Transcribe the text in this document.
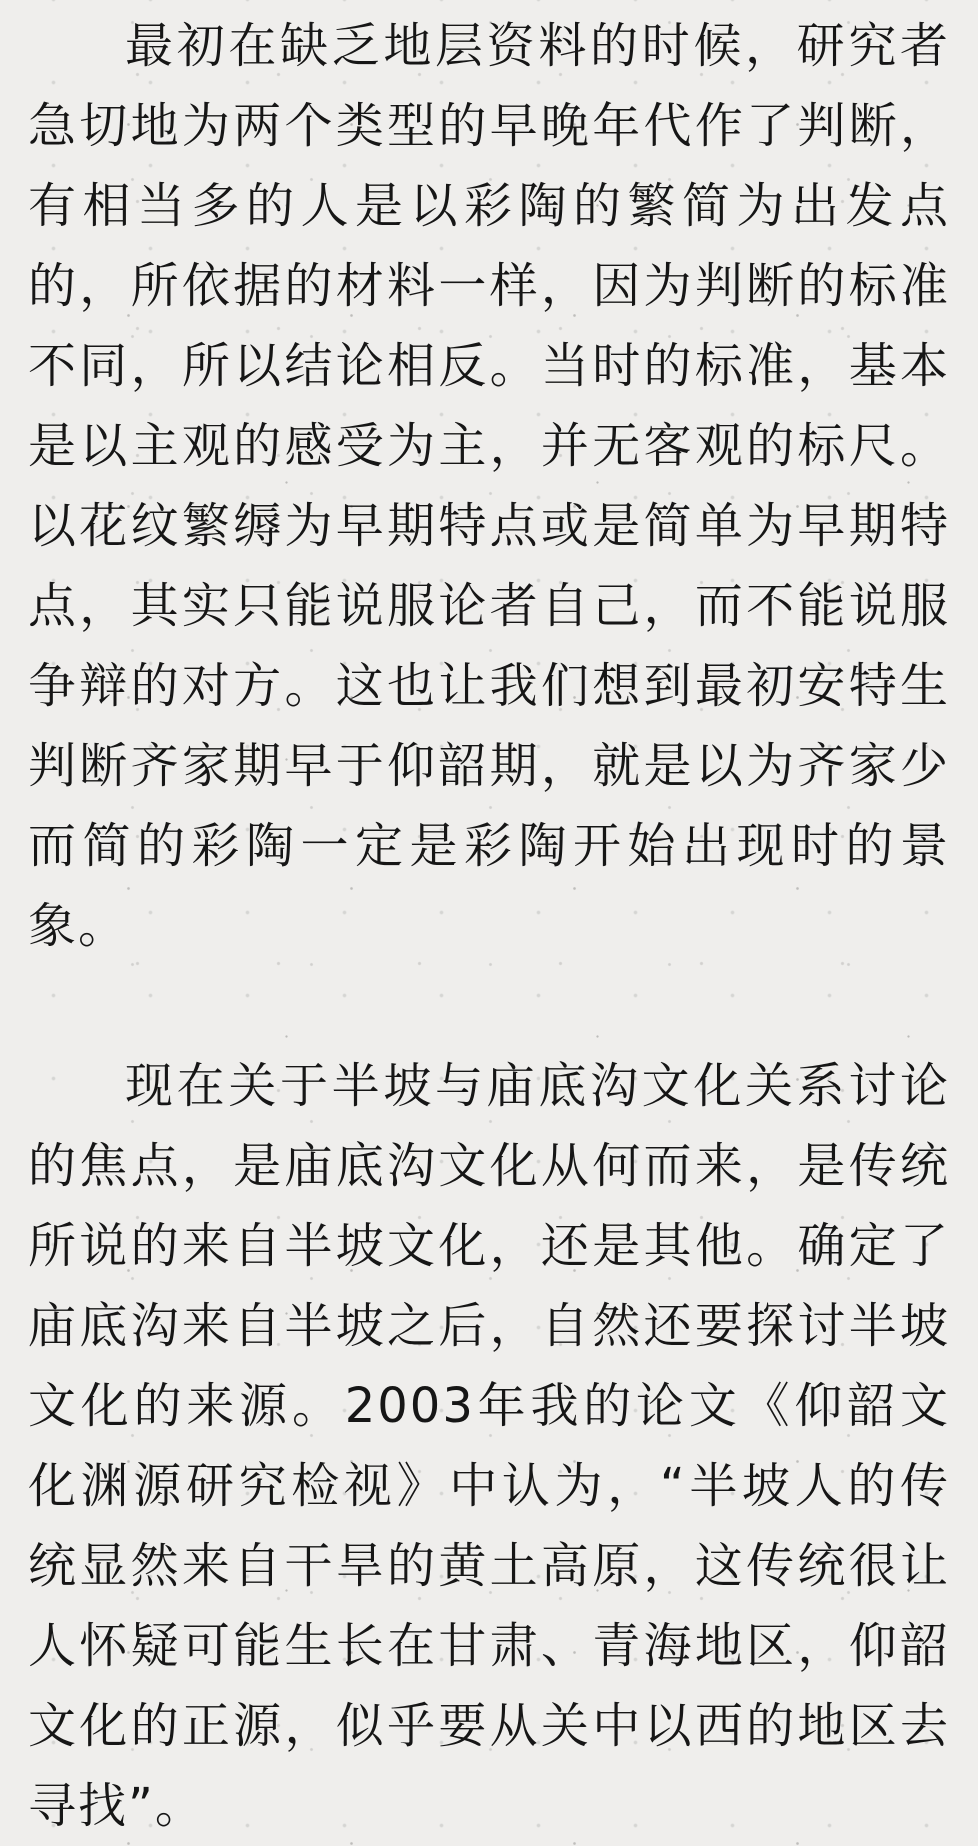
最初在缺乏地层资料的时候，研究者急切地为两个类型的早晚年代作了判断，有相当多的人是以彩陶的繁简为出发点的，所依据的材料一样，因为判断的标准不同，所以结论相反。当时的标准，基本是以主观的感受为主，并无客观的标尺。以花纹繁缛为早期特点或是简单为早期特点，其实只能说服论者自己，而不能说服争辩的对方。这也让我们想到最初安特生判断齐家期早于仰韶期，就是以为齐家少而简的彩陶一定是彩陶开始出现时的景象。

现在关于半坡与庙底沟文化关系讨论的焦点，是庙底沟文化从何而来，是传统所说的来自半坡文化，还是其他。确定了庙底沟来自半坡之后，自然还要探讨半坡文化的来源。2003年我的论文《仰韶文化渊源研究检视》中认为，“半坡人的传统显然来自干旱的黄土高原，这传统很让人怀疑可能生长在甘肃、青海地区，仰韶文化的正源，似乎要从关中以西的地区去寻找”。
